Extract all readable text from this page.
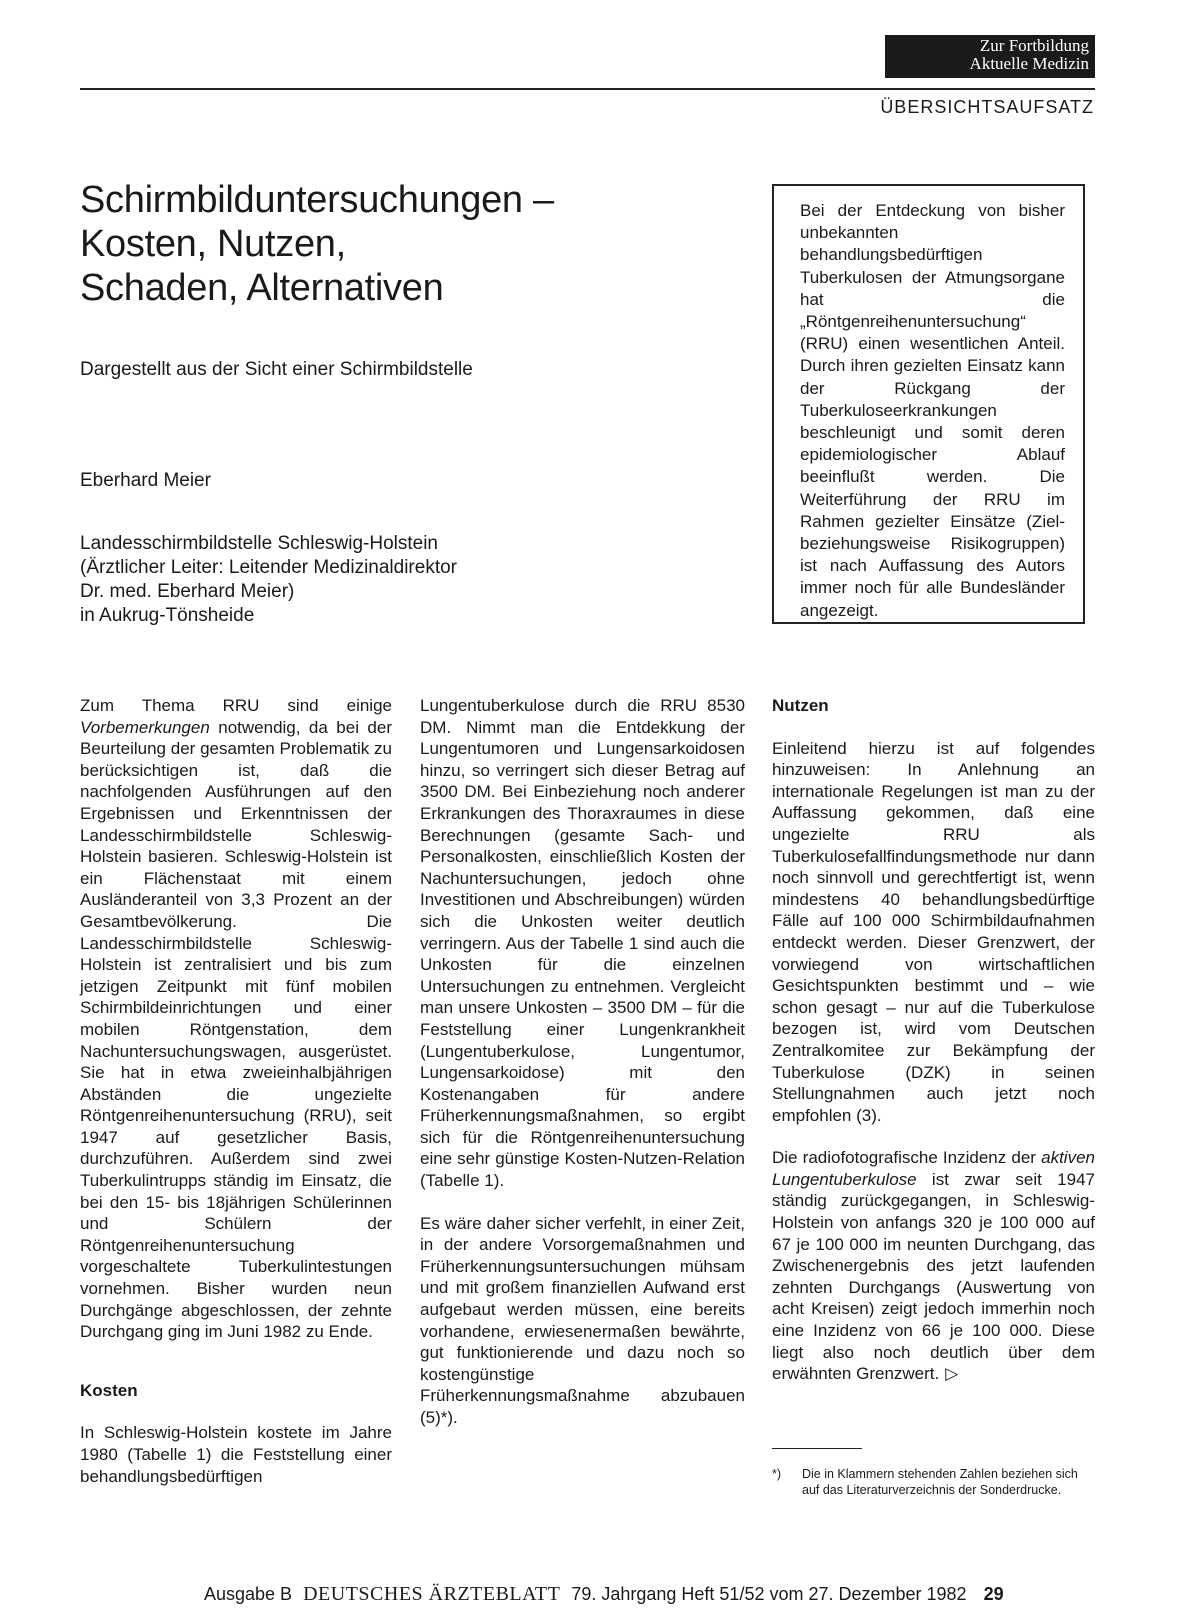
Zur Fortbildung
Aktuelle Medizin
ÜBERSICHTSAUFSATZ
Schirmbilduntersuchungen –
Kosten, Nutzen,
Schaden, Alternativen
Dargestellt aus der Sicht einer Schirmbildstelle
Eberhard Meier
Landesschirmbildstelle Schleswig-Holstein
(Ärztlicher Leiter: Leitender Medizinaldirektor
Dr. med. Eberhard Meier)
in Aukrug-Tönsheide
Bei der Entdeckung von bisher unbekannten behandlungsbedürftigen Tuberkulosen der Atmungsorgane hat die „Röntgenreihenuntersuchung“ (RRU) einen wesentlichen Anteil. Durch ihren gezielten Einsatz kann der Rückgang der Tuberkuloseerkrankungen beschleunigt und somit deren epidemiologischer Ablauf beeinflußt werden. Die Weiterführung der RRU im Rahmen gezielter Einsätze (Ziel- beziehungsweise Risikogruppen) ist nach Auffassung des Autors immer noch für alle Bundesländer angezeigt.

Zum Thema RRU sind einige Vorbemerkungen notwendig, da bei der Beurteilung der gesamten Problematik zu berücksichtigen ist, daß die nachfolgenden Ausführungen auf den Ergebnissen und Erkenntnissen der Landesschirmbildstelle Schleswig-Holstein basieren. Schleswig-Holstein ist ein Flächenstaat mit einem Ausländeranteil von 3,3 Prozent an der Gesamtbevölkerung. Die Landesschirmbildstelle Schleswig-Holstein ist zentralisiert und bis zum jetzigen Zeitpunkt mit fünf mobilen Schirmbildeinrichtungen und einer mobilen Röntgenstation, dem Nachuntersuchungswagen, ausgerüstet. Sie hat in etwa zweieinhalbjährigen Abständen die ungezielte Röntgenreihenuntersuchung (RRU), seit 1947 auf gesetzlicher Basis, durchzuführen. Außerdem sind zwei Tuberkulintrupps ständig im Einsatz, die bei den 15- bis 18jährigen Schülerinnen und Schülern der Röntgenreihenuntersuchung vorgeschaltete Tuberkulintestungen vornehmen. Bisher wurden neun Durchgänge abgeschlossen, der zehnte Durchgang ging im Juni 1982 zu Ende.

Kosten

In Schleswig-Holstein kostete im Jahre 1980 (Tabelle 1) die Feststellung einer behandlungsbedürftigen

Lungentuberkulose durch die RRU 8530 DM. Nimmt man die Entdekkung der Lungentumoren und Lungensarkoidosen hinzu, so verringert sich dieser Betrag auf 3500 DM. Bei Einbeziehung noch anderer Erkrankungen des Thoraxraumes in diese Berechnungen (gesamte Sach- und Personalkosten, einschließlich Kosten der Nachuntersuchungen, jedoch ohne Investitionen und Abschreibungen) würden sich die Unkosten weiter deutlich verringern. Aus der Tabelle 1 sind auch die Unkosten für die einzelnen Untersuchungen zu entnehmen. Vergleicht man unsere Unkosten – 3500 DM – für die Feststellung einer Lungenkrankheit (Lungentuberkulose, Lungentumor, Lungensarkoidose) mit den Kostenangaben für andere Früherkennungsmaßnahmen, so ergibt sich für die Röntgenreihenuntersuchung eine sehr günstige Kosten-Nutzen-Relation (Tabelle 1).

Es wäre daher sicher verfehlt, in einer Zeit, in der andere Vorsorgemaßnahmen und Früherkennungsuntersuchungen mühsam und mit großem finanziellen Aufwand erst aufgebaut werden müssen, eine bereits vorhandene, erwiesenermaßen bewährte, gut funktionierende und dazu noch so kostengünstige Früherkennungsmaßnahme abzubauen (5)*).

Nutzen

Einleitend hierzu ist auf folgendes hinzuweisen: In Anlehnung an internationale Regelungen ist man zu der Auffassung gekommen, daß eine ungezielte RRU als Tuberkulosefallfindungsmethode nur dann noch sinnvoll und gerechtfertigt ist, wenn mindestens 40 behandlungsbedürftige Fälle auf 100 000 Schirmbildaufnahmen entdeckt werden. Dieser Grenzwert, der vorwiegend von wirtschaftlichen Gesichtspunkten bestimmt und – wie schon gesagt – nur auf die Tuberkulose bezogen ist, wird vom Deutschen Zentralkomitee zur Bekämpfung der Tuberkulose (DZK) in seinen Stellungnahmen auch jetzt noch empfohlen (3).

Die radiofotografische Inzidenz der aktiven Lungentuberkulose ist zwar seit 1947 ständig zurückgegangen, in Schleswig-Holstein von anfangs 320 je 100 000 auf 67 je 100 000 im neunten Durchgang, das Zwischenergebnis des jetzt laufenden zehnten Durchgangs (Auswertung von acht Kreisen) zeigt jedoch immerhin noch eine Inzidenz von 66 je 100 000. Diese liegt also noch deutlich über dem erwähnten Grenzwert. ▷

*) Die in Klammern stehenden Zahlen beziehen sich auf das Literaturverzeichnis der Sonderdrucke.
Ausgabe B DEUTSCHES ÄRZTEBLATT 79. Jahrgang Heft 51/52 vom 27. Dezember 1982 29
